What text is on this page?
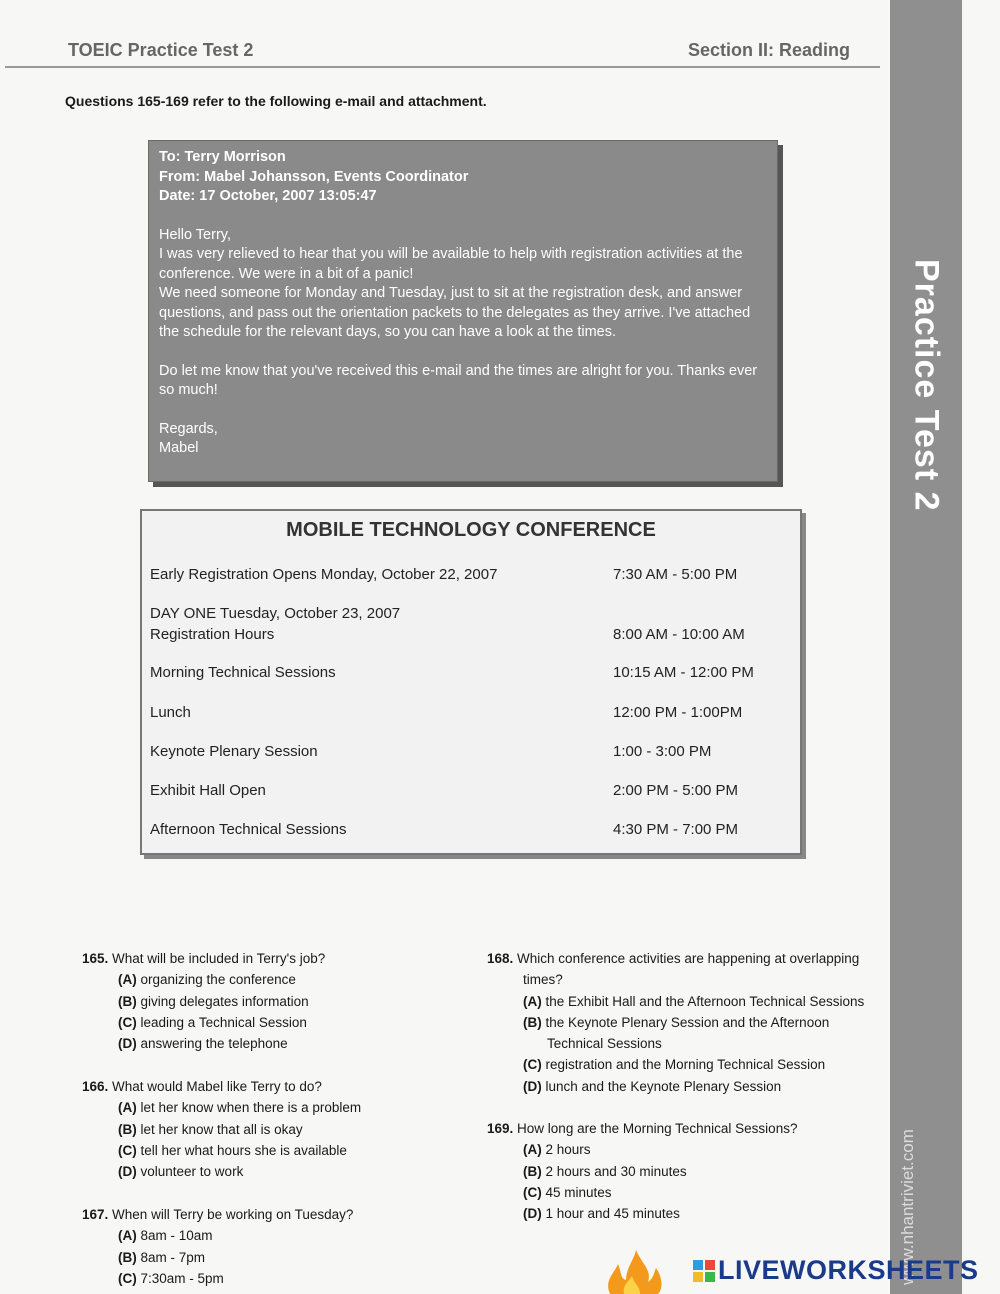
TOEIC Practice Test 2	Section II: Reading
Questions 165-169 refer to the following e-mail and attachment.
Practice Test 2
www.nhantriviet.com

To: Terry Morrison

From: Mabel Johansson, Events Coordinator

Date: 17 October, 2007 13:05:47

Hello Terry,

I was very relieved to hear that you will be available to help with registration activities at the conference. We were in a bit of a panic!

We need someone for Monday and Tuesday, just to sit at the registration desk, and answer questions, and pass out the orientation packets to the delegates as they arrive. I've attached the schedule for the relevant days, so you can have a look at the times.

Do let me know that you've received this e-mail and the times are alright for you. Thanks ever so much!

Regards,

Mabel

MOBILE TECHNOLOGY CONFERENCE
Early Registration Opens Monday, October 22, 2007	7:30 AM - 5:00 PM
DAY ONE Tuesday, October 23, 2007
Registration Hours	8:00 AM - 10:00 AM
Morning Technical Sessions	10:15 AM - 12:00 PM
Lunch	12:00 PM - 1:00PM
Keynote Plenary Session	1:00 - 3:00 PM
Exhibit Hall Open	2:00 PM - 5:00 PM
Afternoon Technical Sessions	4:30 PM - 7:00 PM
165. What will be included in Terry's job?
(A) organizing the conference
(B) giving delegates information
(C) leading a Technical Session
(D) answering the telephone
166. What would Mabel like Terry to do?
(A) let her know when there is a problem
(B) let her know that all is okay
(C) tell her what hours she is available
(D) volunteer to work
167. When will Terry be working on Tuesday?
(A) 8am - 10am
(B) 8am - 7pm
(C) 7:30am - 5pm
168. Which conference activities are happening at overlapping
times?
(A) the Exhibit Hall and the Afternoon Technical Sessions
(B) the Keynote Plenary Session and the Afternoon
Technical Sessions
(C) registration and the Morning Technical Session
(D) lunch and the Keynote Plenary Session
169. How long are the Morning Technical Sessions?
(A) 2 hours
(B) 2 hours and 30 minutes
(C) 45 minutes
(D) 1 hour and 45 minutes
LIVEWORKSHEETS
